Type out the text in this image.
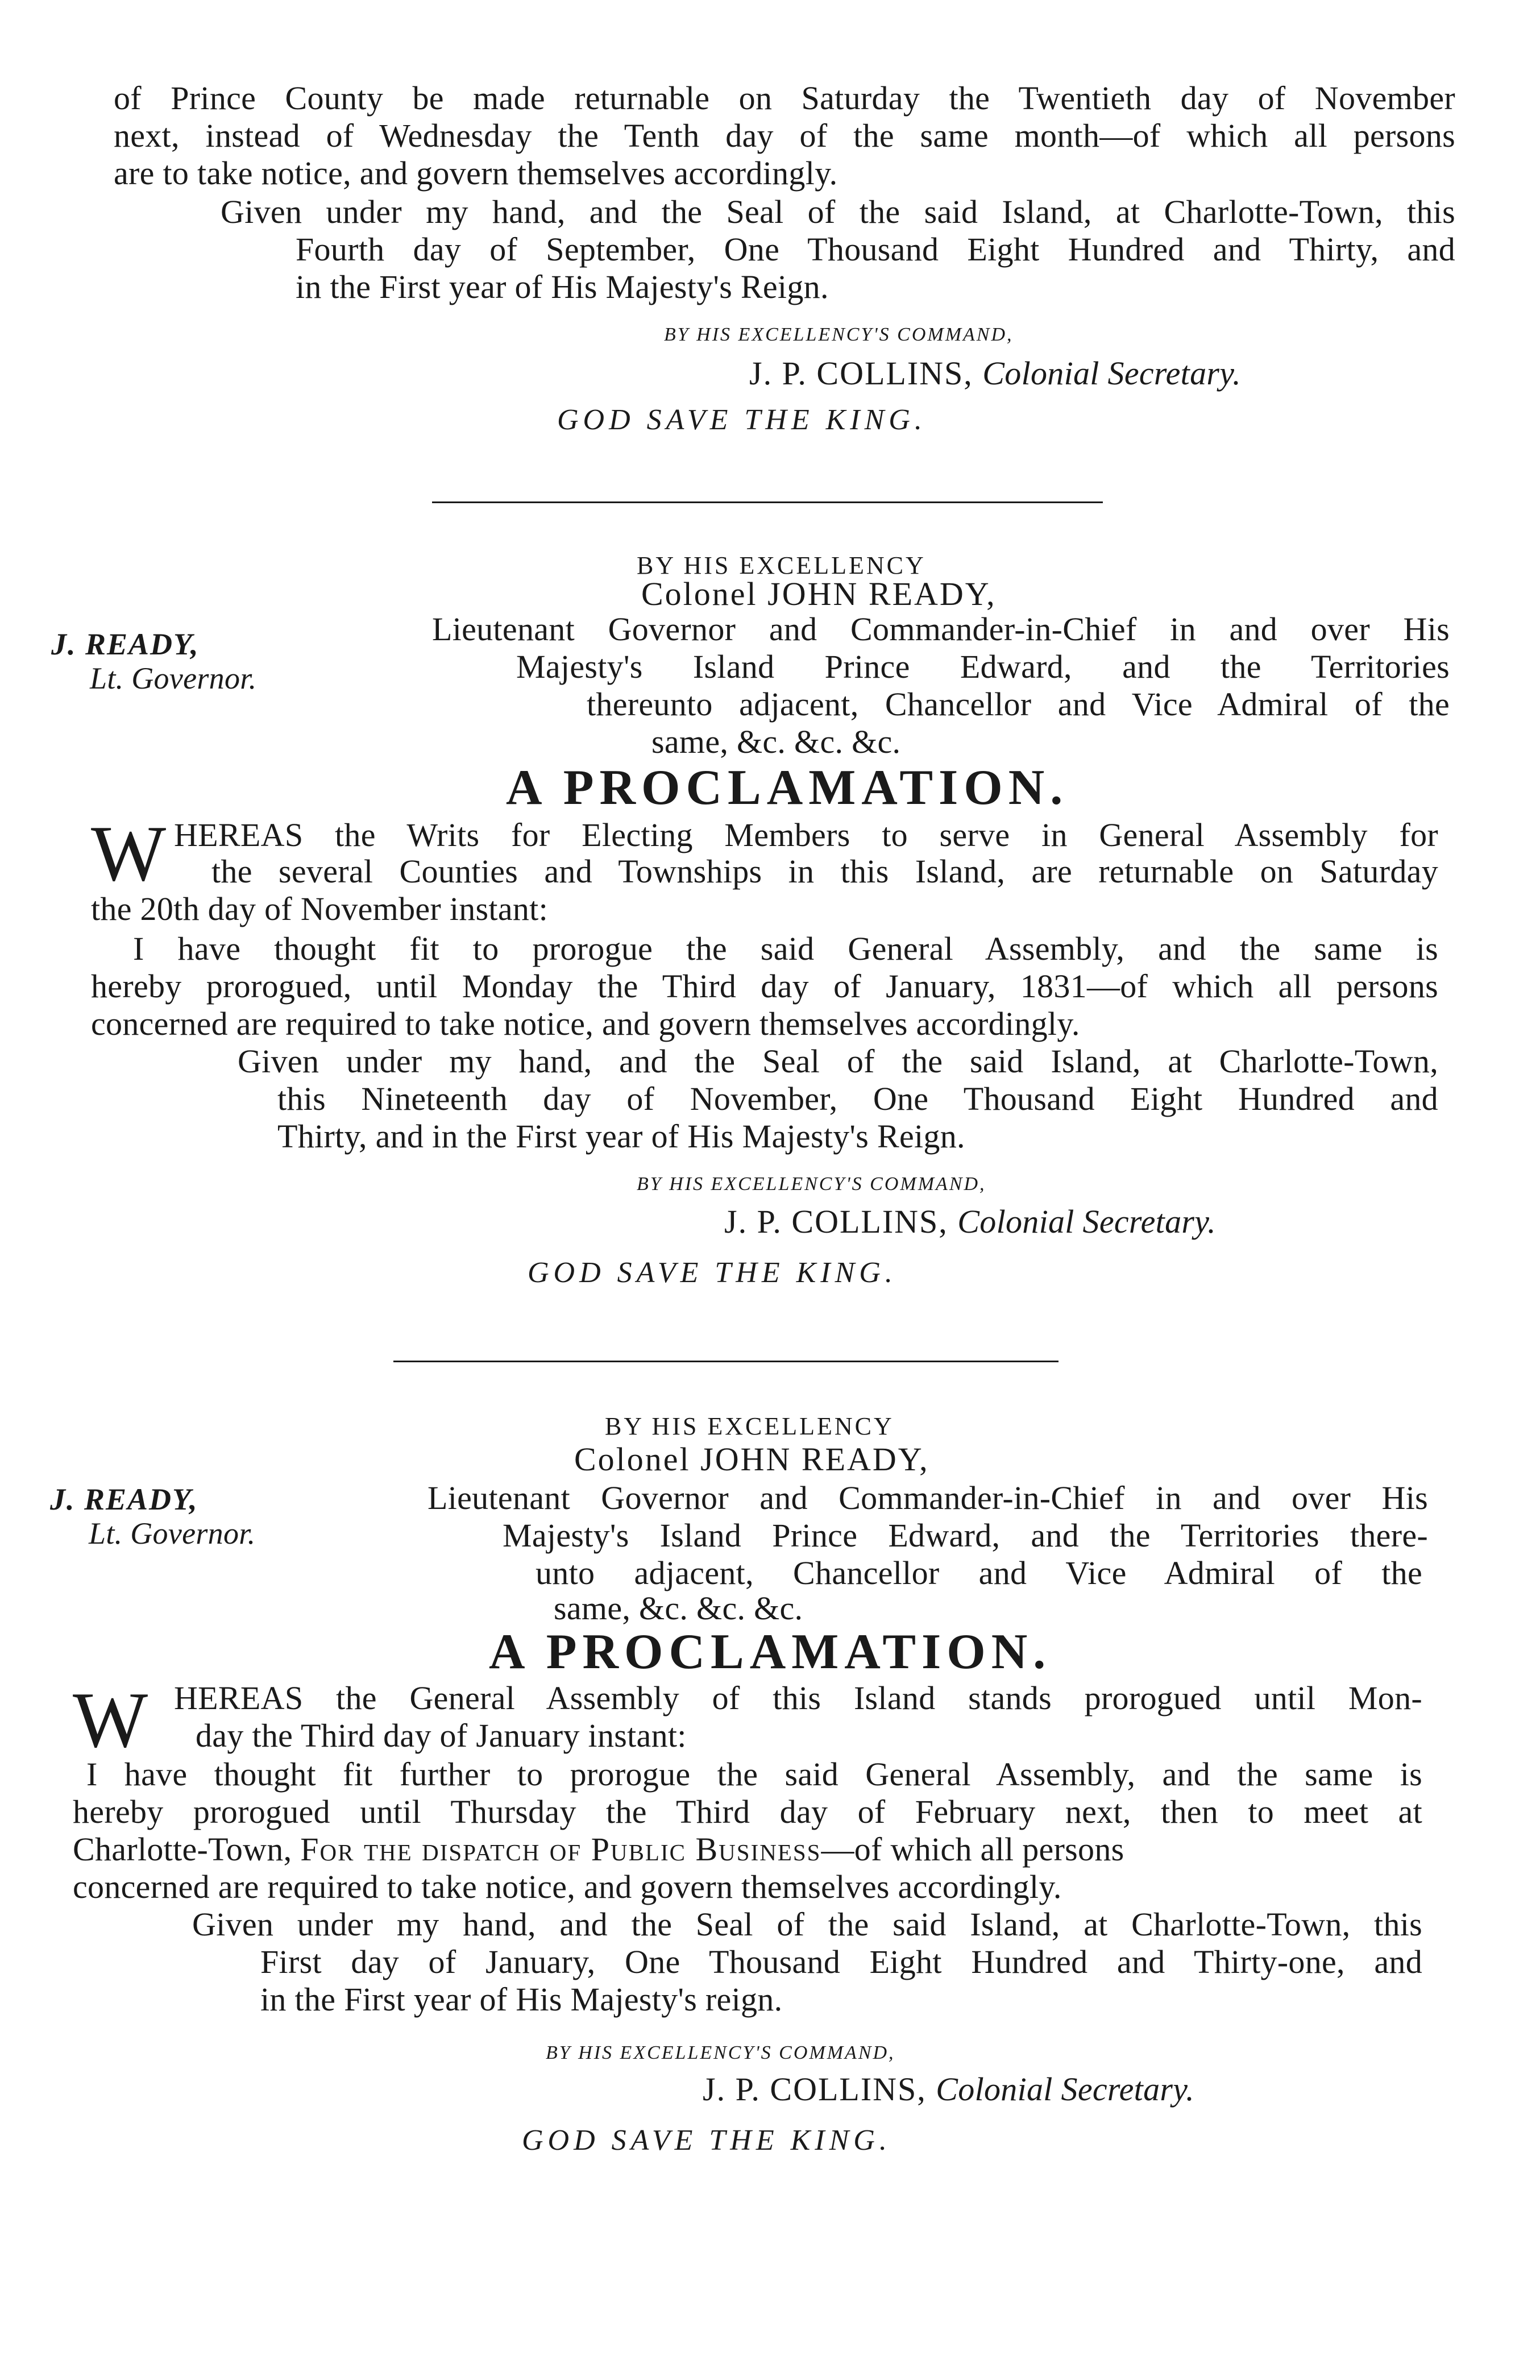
of Prince County be made returnable on Saturday the Twentieth day of November

next, instead of Wednesday the Tenth day of the same month—of which all persons

are to take notice, and govern themselves accordingly.

Given under my hand, and the Seal of the said Island, at Charlotte-Town, this

Fourth day of September, One Thousand Eight Hundred and Thirty, and

in the First year of His Majesty's Reign.

BY HIS EXCELLENCY'S COMMAND,

J. P. COLLINS, Colonial Secretary.

GOD SAVE THE KING.

J. READY,

Lt. Governor.

BY HIS EXCELLENCY

Colonel JOHN READY,

Lieutenant Governor and Commander-in-Chief in and over His

Majesty's Island Prince Edward, and the Territories

thereunto adjacent, Chancellor and Vice Admiral of the

same, &c. &c. &c.

A PROCLAMATION.

W HEREAS the Writs for Electing Members to serve in General Assembly for

the several Counties and Townships in this Island, are returnable on Saturday

the 20th day of November instant:

I have thought fit to prorogue the said General Assembly, and the same is

hereby prorogued, until Monday the Third day of January, 1831—of which all persons

concerned are required to take notice, and govern themselves accordingly.

Given under my hand, and the Seal of the said Island, at Charlotte-Town,

this Nineteenth day of November, One Thousand Eight Hundred and

Thirty, and in the First year of His Majesty's Reign.

BY HIS EXCELLENCY'S COMMAND,

J. P. COLLINS, Colonial Secretary.

GOD SAVE THE KING.

J. READY,

Lt. Governor.

BY HIS EXCELLENCY

Colonel JOHN READY,

Lieutenant Governor and Commander-in-Chief in and over His

Majesty's Island Prince Edward, and the Territories there-

unto adjacent, Chancellor and Vice Admiral of the

same, &c. &c. &c.

A PROCLAMATION.

W HEREAS the General Assembly of this Island stands prorogued until Mon-

day the Third day of January instant:

I have thought fit further to prorogue the said General Assembly, and the same is

hereby prorogued until Thursday the Third day of February next, then to meet at

Charlotte-Town, For the dispatch of Public Business—of which all persons

concerned are required to take notice, and govern themselves accordingly.

Given under my hand, and the Seal of the said Island, at Charlotte-Town, this

First day of January, One Thousand Eight Hundred and Thirty-one, and

in the First year of His Majesty's reign.

BY HIS EXCELLENCY'S COMMAND,

J. P. COLLINS, Colonial Secretary.

GOD SAVE THE KING.
